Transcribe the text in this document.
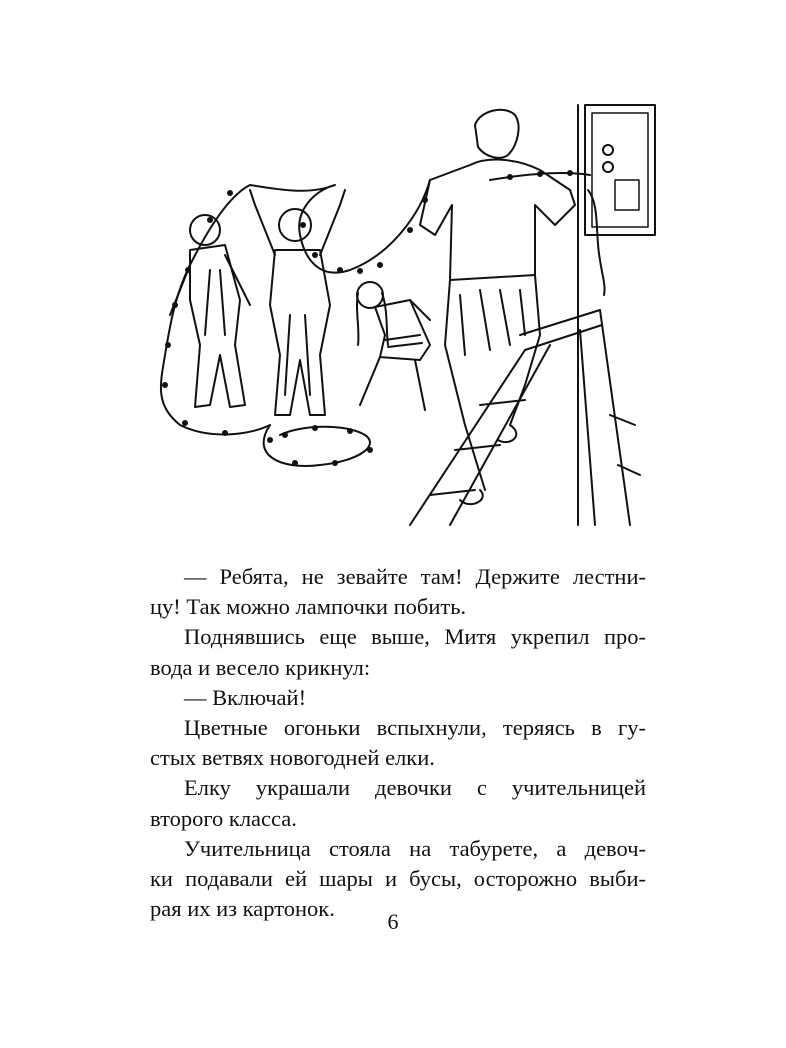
— Ребята, не зевайте там! Держите лестни-
цу! Так можно лампочки побить.
Поднявшись еще выше, Митя укрепил про-
вода и весело крикнул:
— Включай!
Цветные огоньки вспыхнули, теряясь в гу-
стых ветвях новогодней елки.
Елку украшали девочки с учительницей
второго класса.
Учительница стояла на табурете, а девоч-
ки подавали ей шары и бусы, осторожно выби-
рая их из картонок.
6
